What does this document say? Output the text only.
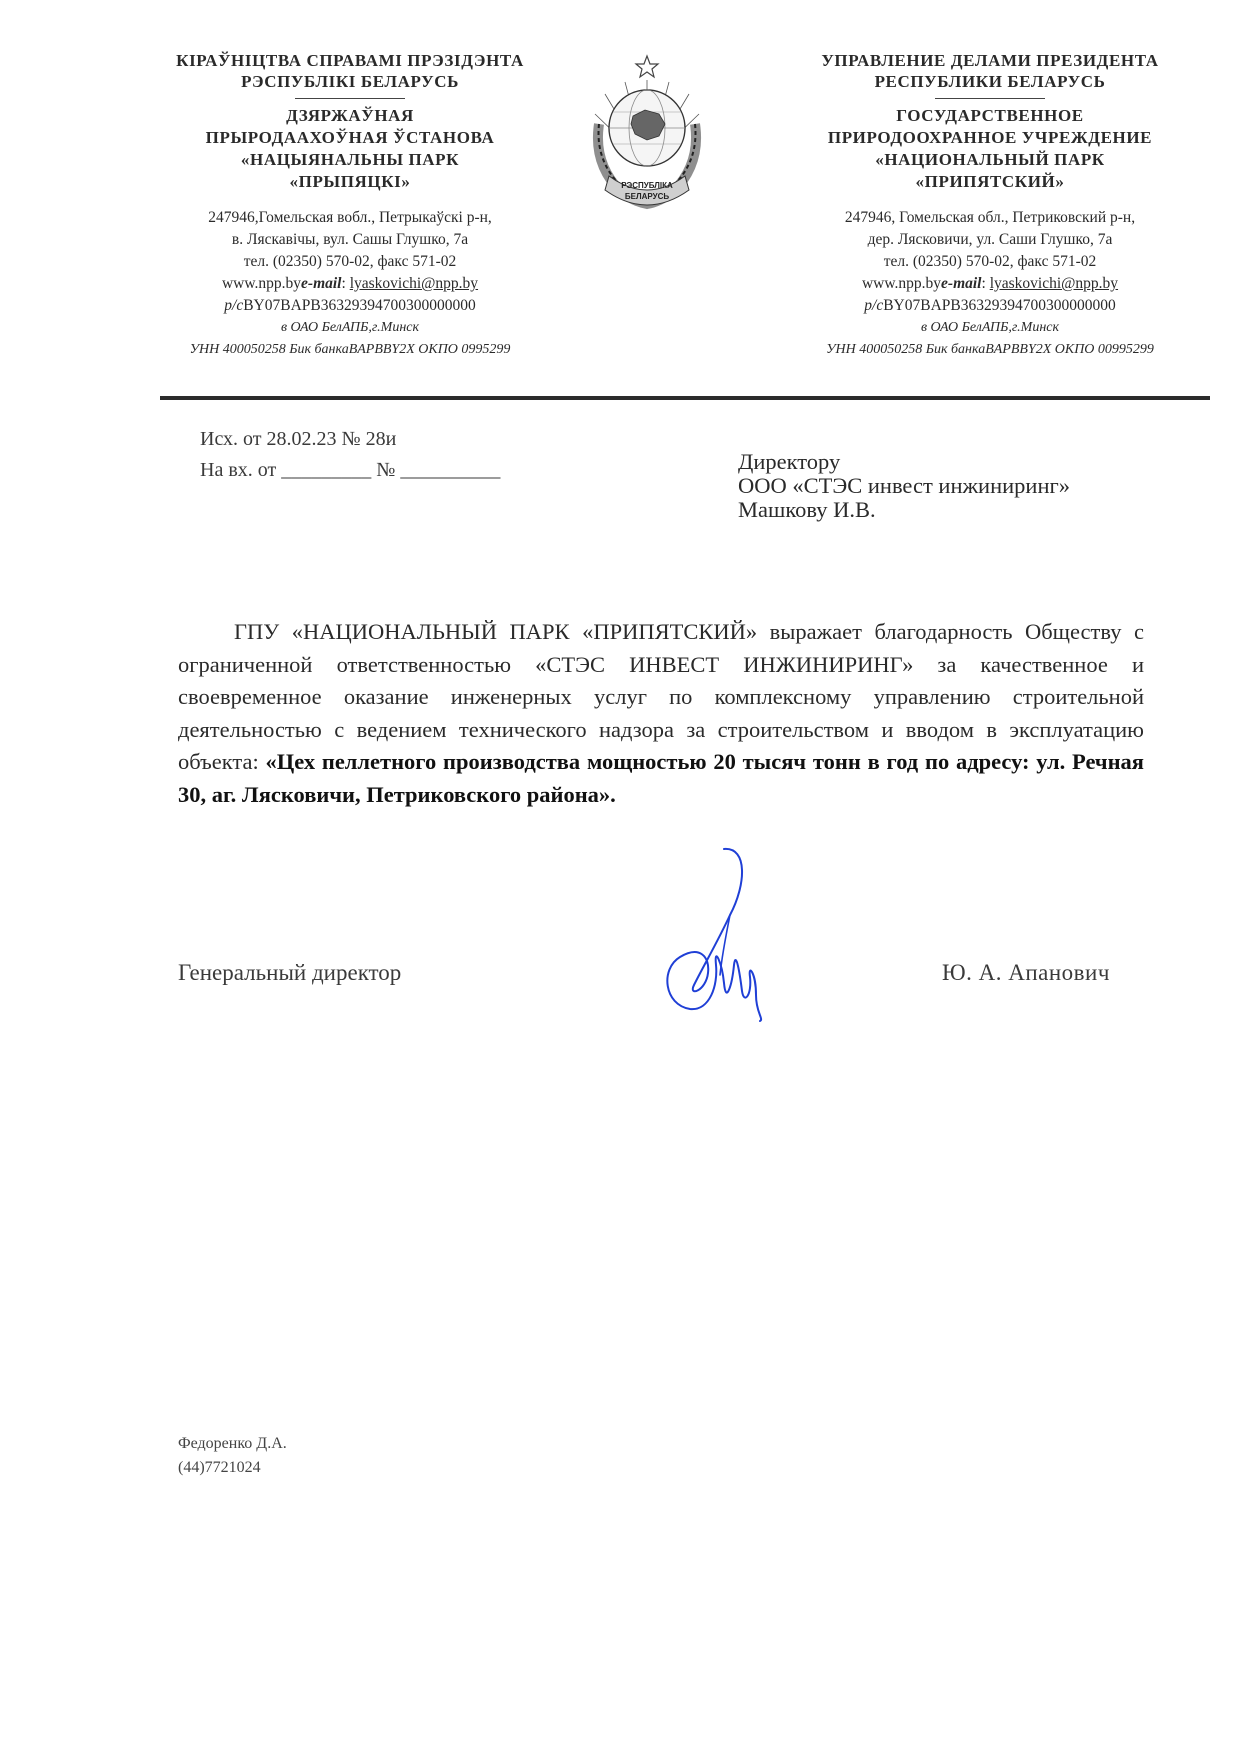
КІРАЎНІЦТВА СПРАВАМІ ПРЭЗІДЭНТА
РЭСПУБЛІКІ БЕЛАРУСЬ
ДЗЯРЖАЎНАЯ
ПРЫРОДААХОЎНАЯ ЎСТАНОВА
«НАЦЫЯНАЛЬНЫ ПАРК
«ПРЫПЯЦКІ»
247946,Гомельская вобл., Петрыкаўскі р-н,
в. Ляскавічы, вул. Сашы Глушко, 7а
тел. (02350) 570-02, факс 571-02
www.npp.bye-mail: lyaskovichi@npp.by
р/сBY07BAPB36329394700300000000
в ОАО БелАПБ,г.Минск
УНН 400050258 Бик банкаBAPBBY2X ОКПО 0995299
РЭСПУБЛІКА
БЕЛАРУСЬ
УПРАВЛЕНИЕ ДЕЛАМИ ПРЕЗИДЕНТА
РЕСПУБЛИКИ БЕЛАРУСЬ
ГОСУДАРСТВЕННОЕ
ПРИРОДООХРАННОЕ УЧРЕЖДЕНИЕ
«НАЦИОНАЛЬНЫЙ ПАРК
«ПРИПЯТСКИЙ»
247946, Гомельская обл., Петриковский р-н,
дер. Лясковичи, ул. Саши Глушко, 7а
тел. (02350) 570-02, факс 571-02
www.npp.bye-mail: lyaskovichi@npp.by
р/сBY07BAPB36329394700300000000
в ОАО БелАПБ,г.Минск
УНН 400050258 Бик банкаBAPBBY2X ОКПО 00995299
Исх. от 28.02.23 № 28и
На вх. от _________ № __________	Директору
ООО «СТЭС инвест инжиниринг»
Машкову И.В.

ГПУ «НАЦИОНАЛЬНЫЙ ПАРК «ПРИПЯТСКИЙ» выражает благодарность Обществу с ограниченной ответственностью «СТЭС ИНВЕСТ ИНЖИНИРИНГ» за качественное и своевременное оказание инженерных услуг по комплексному управлению строительной деятельностью с ведением технического надзора за строительством и вводом в эксплуатацию объекта: «Цех пеллетного производства мощностью 20 тысяч тонн в год по адресу: ул. Речная 30, аг. Лясковичи, Петриковского района».

Генеральный директор	Ю. А. Апанович
Федоренко Д.А.
(44)7721024
